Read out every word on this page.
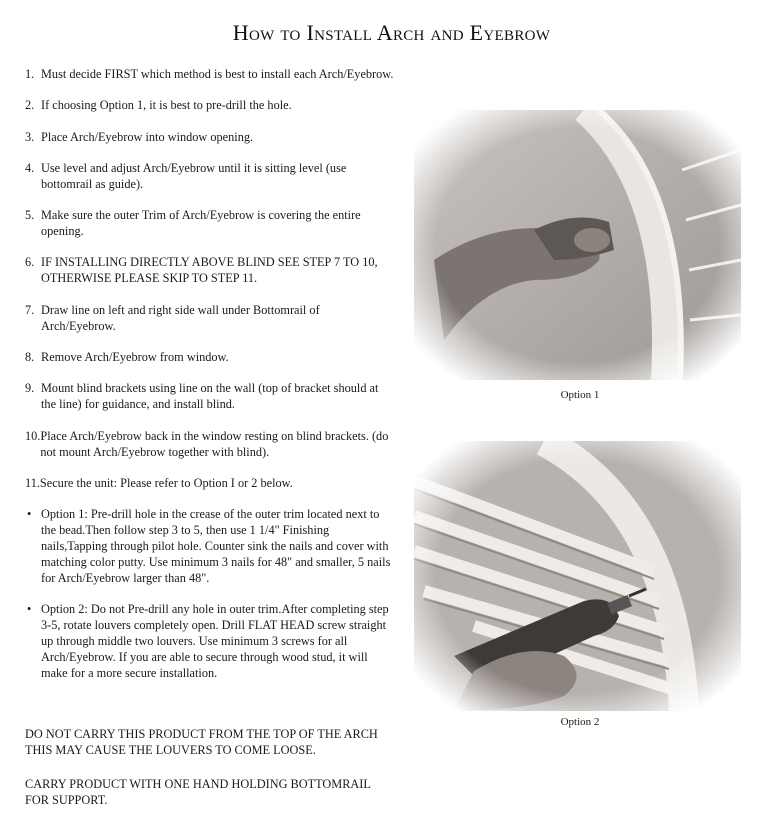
How to Install Arch and Eyebrow
1. Must decide FIRST which method is best to install each Arch/Eyebrow.
2. If choosing Option 1, it is best to pre-drill the hole.
3. Place Arch/Eyebrow into window opening.
4. Use level and adjust Arch/Eyebrow until it is sitting level (use bottomrail as guide).
5. Make sure the outer Trim of Arch/Eyebrow is covering the entire opening.
6. IF INSTALLING DIRECTLY ABOVE BLIND SEE STEP 7 TO 10, OTHERWISE PLEASE SKIP TO STEP 11.
7. Draw line on left and right side wall under Bottomrail of Arch/Eyebrow.
8. Remove Arch/Eyebrow from window.
9. Mount blind brackets using line on the wall (top of bracket should at the line) for guidance, and install blind.
10. Place Arch/Eyebrow back in the window resting on blind brackets. (do not mount Arch/Eyebrow together with blind).
11. Secure the unit: Please refer to Option I or 2 below.
• Option 1: Pre-drill hole in the crease of the outer trim located next to the bead.Then follow step 3 to 5, then use 1 1/4" Finishing nails,Tapping through pilot hole. Counter sink the nails and cover with matching color putty. Use minimum 3 nails for 48" and smaller, 5 nails for Arch/Eyebrow larger than 48".
• Option 2: Do not Pre-drill any hole in outer trim.After completing step 3-5, rotate louvers completely open. Drill FLAT HEAD screw straight up through middle two louvers. Use minimum 3 screws for all Arch/Eyebrow. If you are able to secure through wood stud, it will make for a more secure installation.
DO NOT CARRY THIS PRODUCT FROM THE TOP OF THE ARCH THIS MAY CAUSE THE LOUVERS TO COME LOOSE.
CARRY PRODUCT WITH ONE HAND HOLDING BOTTOMRAIL FOR SUPPORT.
Option 1
Option 2
